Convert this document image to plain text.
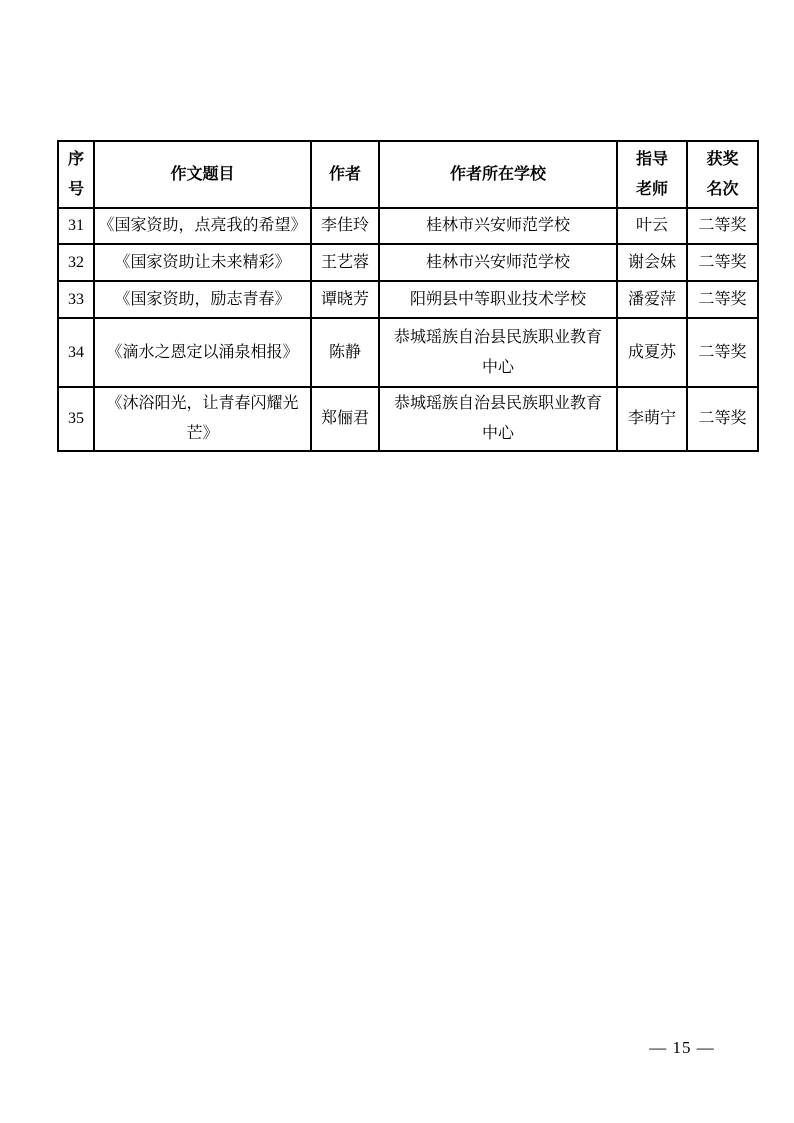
序号	作文题目	作者	作者所在学校	指导老师	获奖名次
31	《国家资助，点亮我的希望》	李佳玲	桂林市兴安师范学校	叶云	二等奖
32	《国家资助让未来精彩》	王艺蓉	桂林市兴安师范学校	谢会妹	二等奖
33	《国家资助，励志青春》	谭晓芳	阳朔县中等职业技术学校	潘爱萍	二等奖
34	《滴水之恩定以涌泉相报》	陈静	恭城瑶族自治县民族职业教育中心	成夏苏	二等奖
35	《沐浴阳光，让青春闪耀光芒》	郑俪君	恭城瑶族自治县民族职业教育中心	李萌宁	二等奖
— 15 —
